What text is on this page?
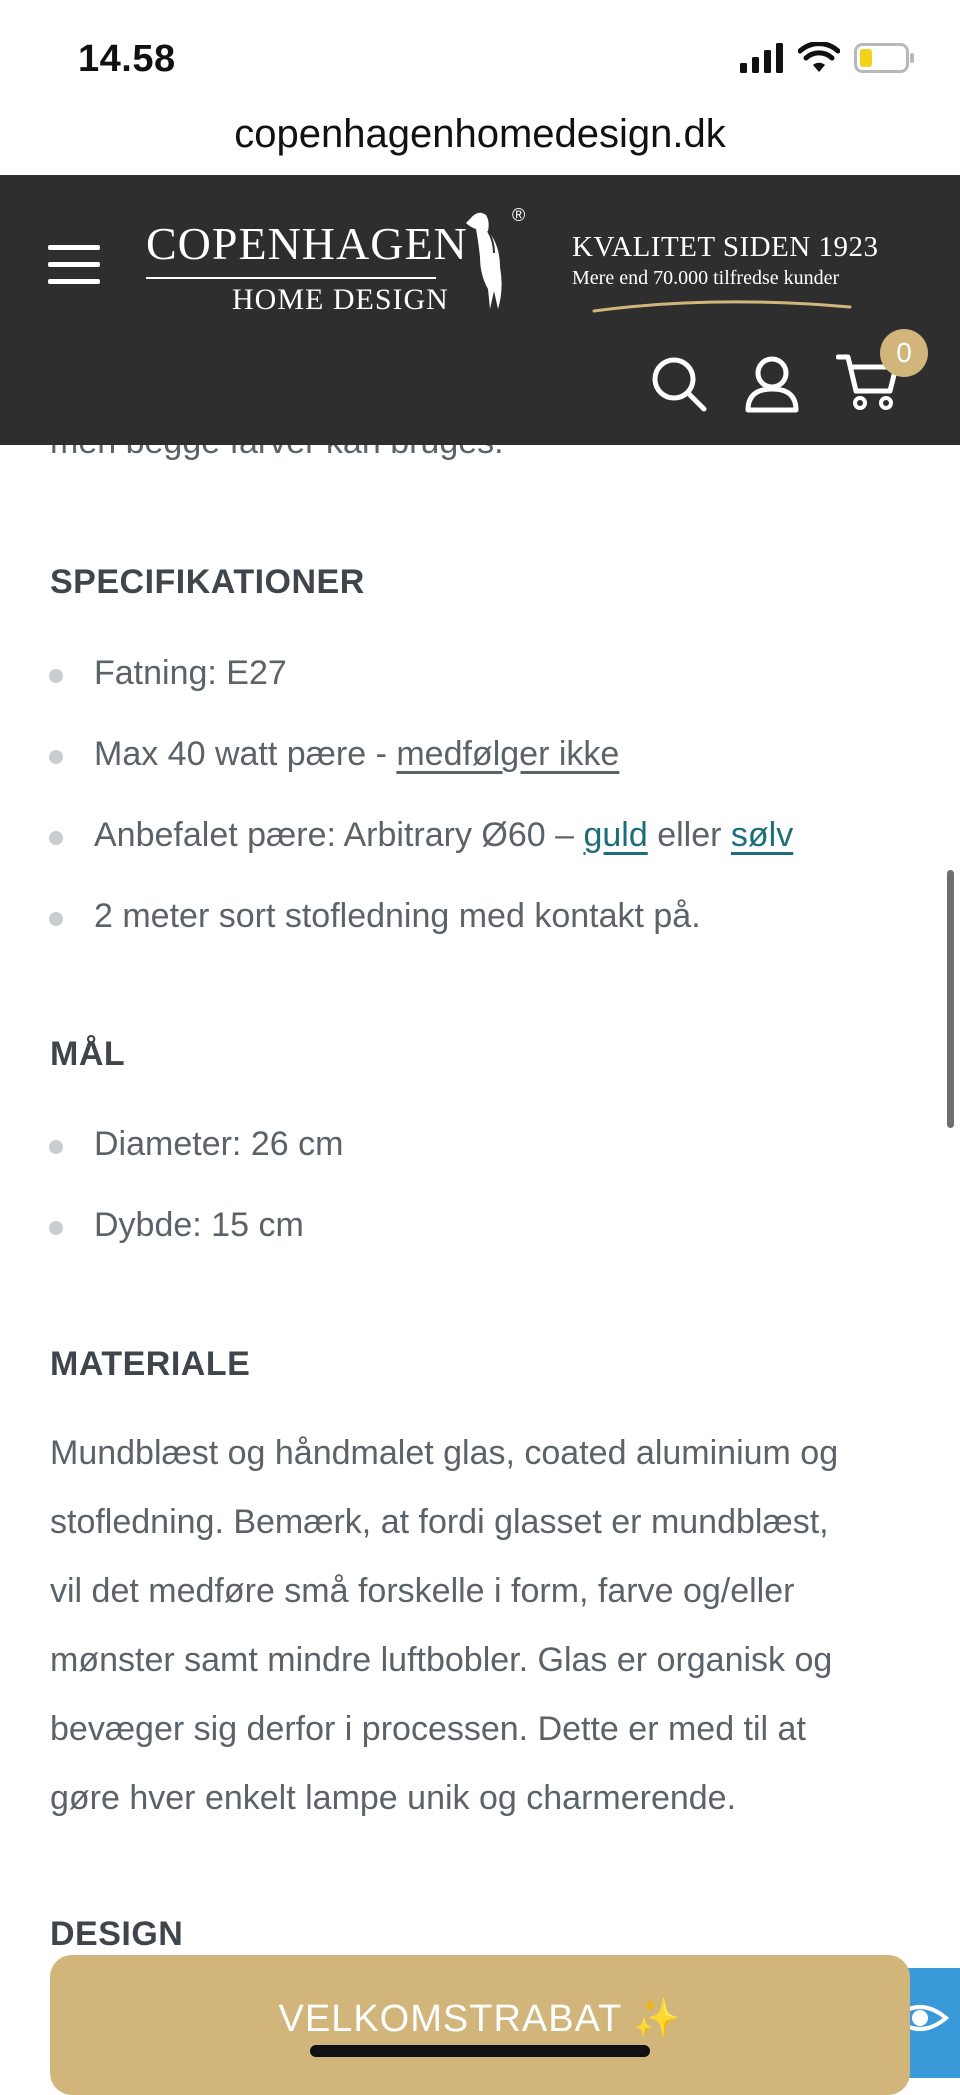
14.58
copenhagenhomedesign.dk
COPENHAGEN
HOME DESIGN
®
KVALITET SIDEN 1923
Mere end 70.000 tilfredse kunder
0
SPECIFIKATIONER
Fatning: E27
Max 40 watt pære - medfølger ikke
Anbefalet pære: Arbitrary Ø60 – guld eller sølv
2 meter sort stofledning med kontakt på.
MÅL
Diameter: 26 cm
Dybde: 15 cm
MATERIALE
Mundblæst og håndmalet glas, coated aluminium og
stofledning. Bemærk, at fordi glasset er mundblæst,
vil det medføre små forskelle i form, farve og/eller
mønster samt mindre luftbobler. Glas er organisk og
bevæger sig derfor i processen. Dette er med til at
gøre hver enkelt lampe unik og charmerende.
DESIGN
VELKOMSTRABAT ✨
